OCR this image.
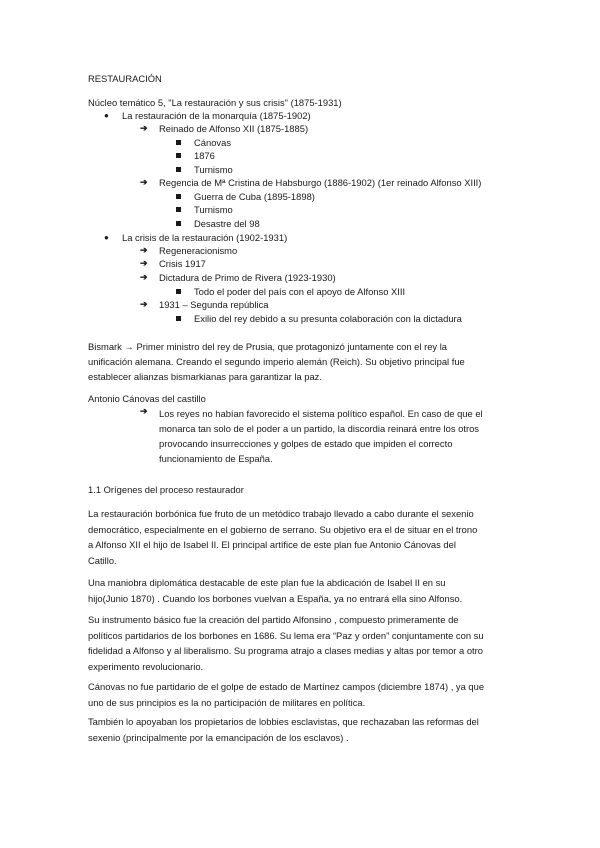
RESTAURACIÓN
Núcleo temático 5, "La restauración y sus crisis" (1875-1931)
● La restauración de la monarquía (1875-1902)
➔ Reinado de Alfonso XII (1875-1885)
Cánovas
1876
Turnismo
➔ Regencia de Mª Cristina de Habsburgo (1886-1902) (1er reinado Alfonso XIII)
Guerra de Cuba (1895-1898)
Turnismo
Desastre del 98
● La crisis de la restauración (1902-1931)
➔ Regeneracionismo
➔ Crisis 1917
➔ Dictadura de Primo de Rivera (1923-1930)
Todo el poder del país con el apoyo de Alfonso XIII
➔ 1931 – Segunda república
Exilio del rey debido a su presunta colaboración con la dictadura
Bismark → Primer ministro del rey de Prusia, que protagonizó juntamente con el rey la
unificación alemana. Creando el segundo imperio alemán (Reich). Su objetivo principal fue
establecer alianzas bismarkianas para garantizar la paz.
Antonio Cánovas del castillo
➔ Los reyes no habían favorecido el sistema político español. En caso de que el
monarca tan solo de el poder a un partido, la discordia reinará entre los otros
provocando insurrecciones y golpes de estado que impiden el correcto
funcionamiento de España.
1.1 Orígenes del proceso restaurador
La restauración borbónica fue fruto de un metódico trabajo llevado a cabo durante el sexenio
democrático, especialmente en el gobierno de serrano. Su objetivo era el de situar en el trono
a Alfonso XII el hijo de Isabel II. El principal artífice de este plan fue Antonio Cánovas del
Catillo.
Una maniobra diplomática destacable de este plan fue la abdicación de Isabel II en su
hijo(Junio 1870) . Cuando los borbones vuelvan a España, ya no entrará ella sino Alfonso.
Su instrumento básico fue la creación del partido Alfonsino , compuesto primeramente de
políticos partidarios de los borbones en 1686. Su lema era “Paz y orden” conjuntamente con su
fidelidad a Alfonso y al liberalismo. Su programa atrajo a clases medias y altas por temor a otro
experimento revolucionario.
Cánovas no fue partidario de el golpe de estado de Martínez campos (diciembre 1874) , ya que
uno de sus principios es la no participación de militares en política.
También lo apoyaban los propietarios de lobbies esclavistas, que rechazaban las reformas del
sexenio (principalmente por la emancipación de los esclavos) .
